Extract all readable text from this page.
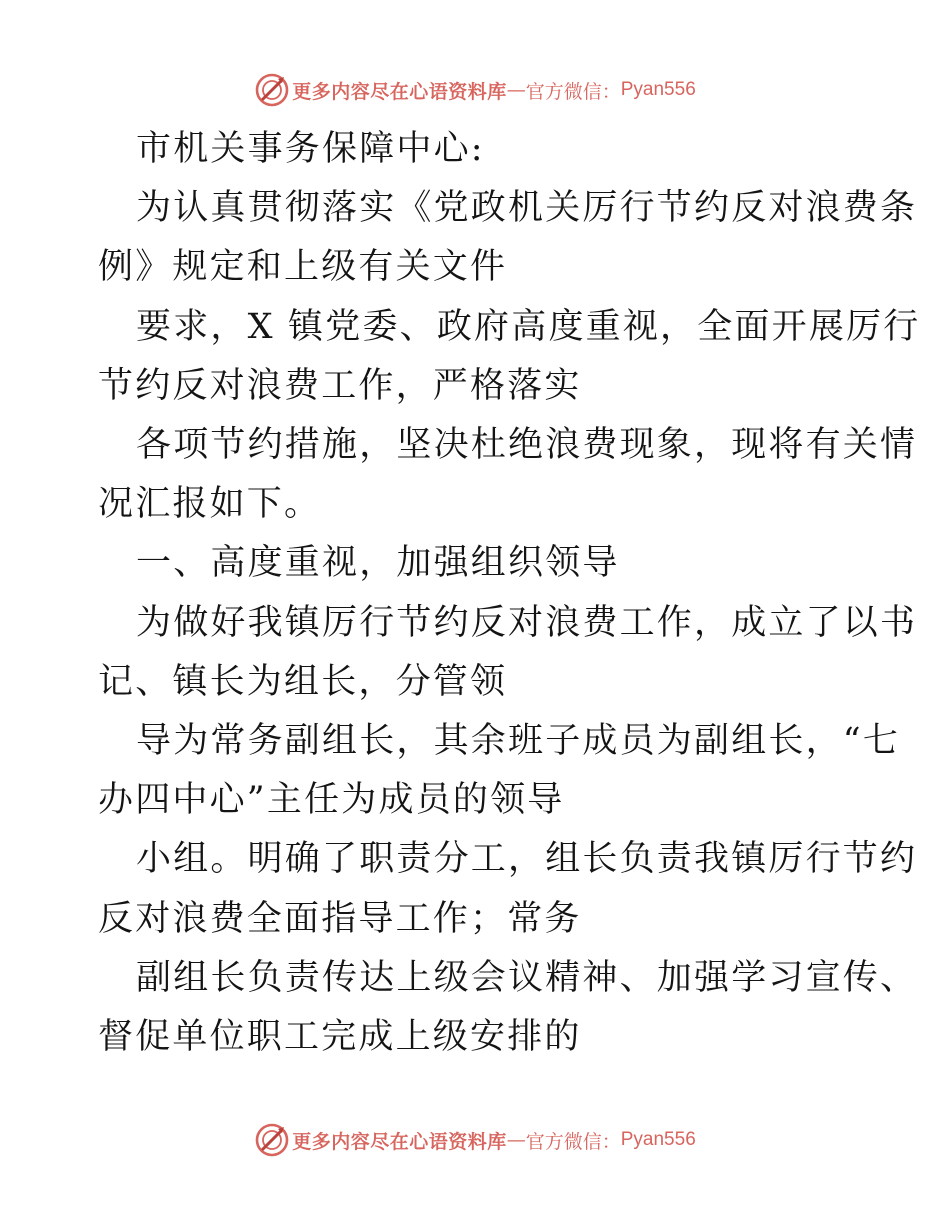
更多内容尽在心语资料库 — 官方微信： Pyan556

市机关事务保障中心:

为认真贯彻落实《党政机关厉行节约反对浪费条
例》规定和上级有关文件

要求，X 镇党委、政府高度重视，全面开展厉行
节约反对浪费工作，严格落实

各项节约措施，坚决杜绝浪费现象，现将有关情
况汇报如下。

一、高度重视，加强组织领导

为做好我镇厉行节约反对浪费工作，成立了以书
记、镇长为组长，分管领

导为常务副组长，其余班子成员为副组长，“七
办四中心”主任为成员的领导

小组。明确了职责分工，组长负责我镇厉行节约
反对浪费全面指导工作；常务

副组长负责传达上级会议精神、加强学习宣传、
督促单位职工完成上级安排的

更多内容尽在心语资料库 — 官方微信： Pyan556
